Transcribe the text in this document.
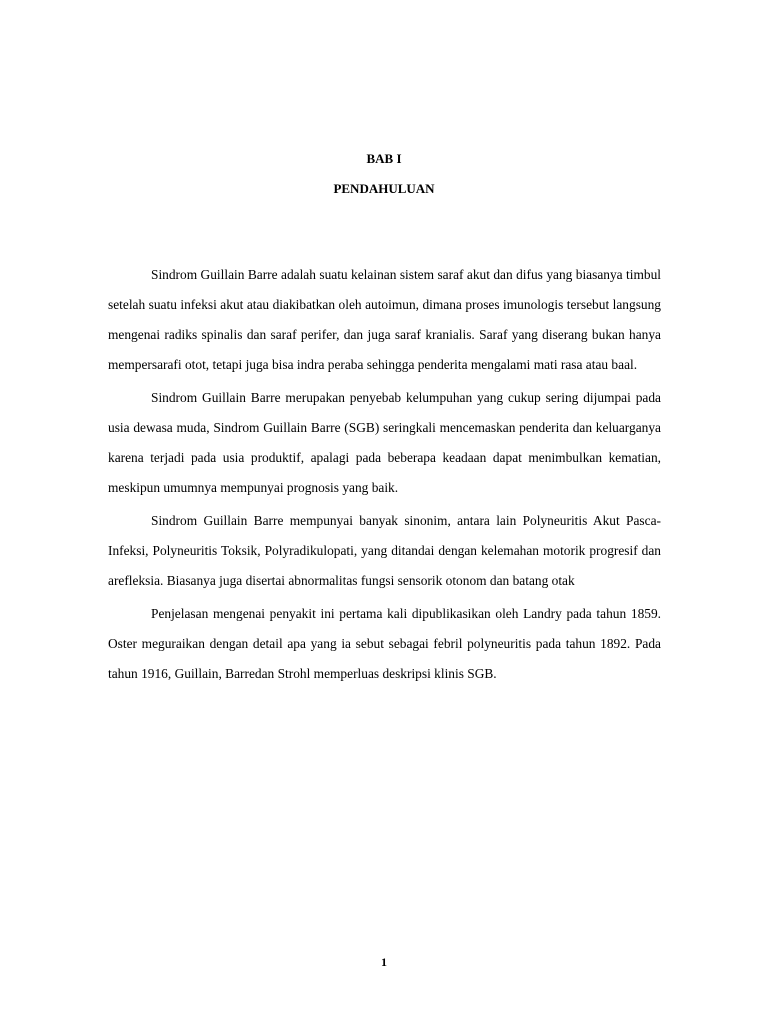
BAB I

PENDAHULUAN

Sindrom Guillain Barre adalah suatu kelainan sistem saraf akut dan difus yang biasanya timbul setelah suatu infeksi akut atau diakibatkan oleh autoimun, dimana proses imunologis tersebut langsung mengenai radiks spinalis dan saraf perifer, dan juga saraf kranialis. Saraf yang diserang bukan hanya mempersarafi otot, tetapi juga bisa indra peraba sehingga penderita mengalami mati rasa atau baal.

Sindrom Guillain Barre merupakan penyebab kelumpuhan yang cukup sering dijumpai pada usia dewasa muda, Sindrom Guillain Barre (SGB) seringkali mencemaskan penderita dan keluarganya karena terjadi pada usia produktif, apalagi pada beberapa keadaan dapat menimbulkan kematian, meskipun umumnya mempunyai prognosis yang baik.

Sindrom Guillain Barre mempunyai banyak sinonim, antara lain Polyneuritis Akut Pasca-Infeksi, Polyneuritis Toksik, Polyradikulopati, yang ditandai dengan kelemahan motorik progresif dan arefleksia. Biasanya juga disertai abnormalitas fungsi sensorik otonom dan batang otak

Penjelasan mengenai penyakit ini pertama kali dipublikasikan oleh Landry pada tahun 1859. Oster meguraikan dengan detail apa yang ia sebut sebagai febril polyneuritis pada tahun 1892. Pada tahun 1916, Guillain, Barredan Strohl memperluas deskripsi klinis SGB.

1
